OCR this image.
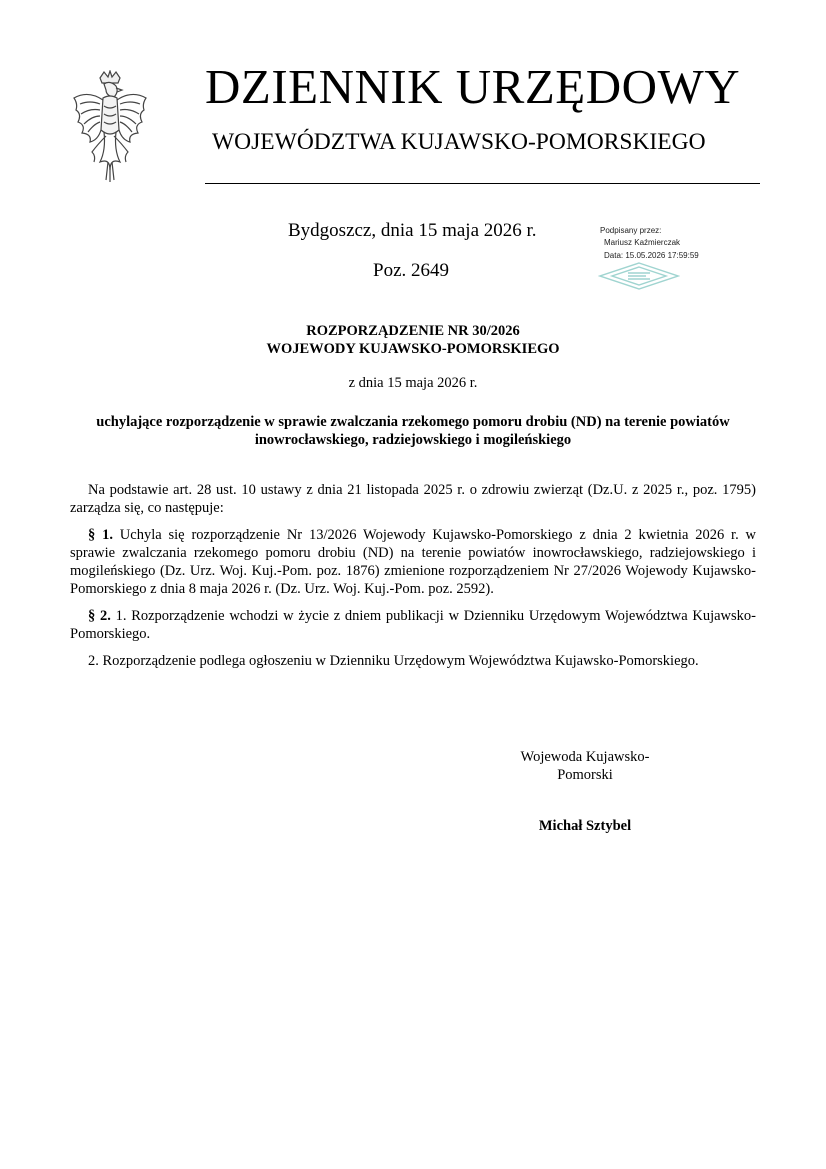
DZIENNIK URZĘDOWY
WOJEWÓDZTWA KUJAWSKO-POMORSKIEGO
Bydgoszcz, dnia 15 maja 2026 r.
Poz. 2649
Podpisany przez:
Mariusz Kaźmierczak
Data: 15.05.2026 17:59:59
ROZPORZĄDZENIE NR 30/2026
WOJEWODY KUJAWSKO-POMORSKIEGO
z dnia 15 maja 2026 r.
uchylające rozporządzenie w sprawie zwalczania rzekomego pomoru drobiu (ND) na terenie powiatów inowrocławskiego, radziejowskiego i mogileńskiego

Na podstawie art. 28 ust. 10 ustawy z dnia 21 listopada 2025 r. o zdrowiu zwierząt (Dz.U. z 2025 r., poz. 1795) zarządza się, co następuje:

§ 1. Uchyla się rozporządzenie Nr 13/2026 Wojewody Kujawsko-Pomorskiego z dnia 2 kwietnia 2026 r. w sprawie zwalczania rzekomego pomoru drobiu (ND) na terenie powiatów inowrocławskiego, radziejowskiego i mogileńskiego (Dz. Urz. Woj. Kuj.-Pom. poz. 1876) zmienione rozporządzeniem Nr 27/2026 Wojewody Kujawsko-Pomorskiego z dnia 8 maja 2026 r. (Dz. Urz. Woj. Kuj.-Pom. poz. 2592).

§ 2. 1. Rozporządzenie wchodzi w życie z dniem publikacji w Dzienniku Urzędowym Województwa Kujawsko-Pomorskiego.

2. Rozporządzenie podlega ogłoszeniu w Dzienniku Urzędowym Województwa Kujawsko-Pomorskiego.

Wojewoda Kujawsko-
Pomorski
Michał Sztybel
